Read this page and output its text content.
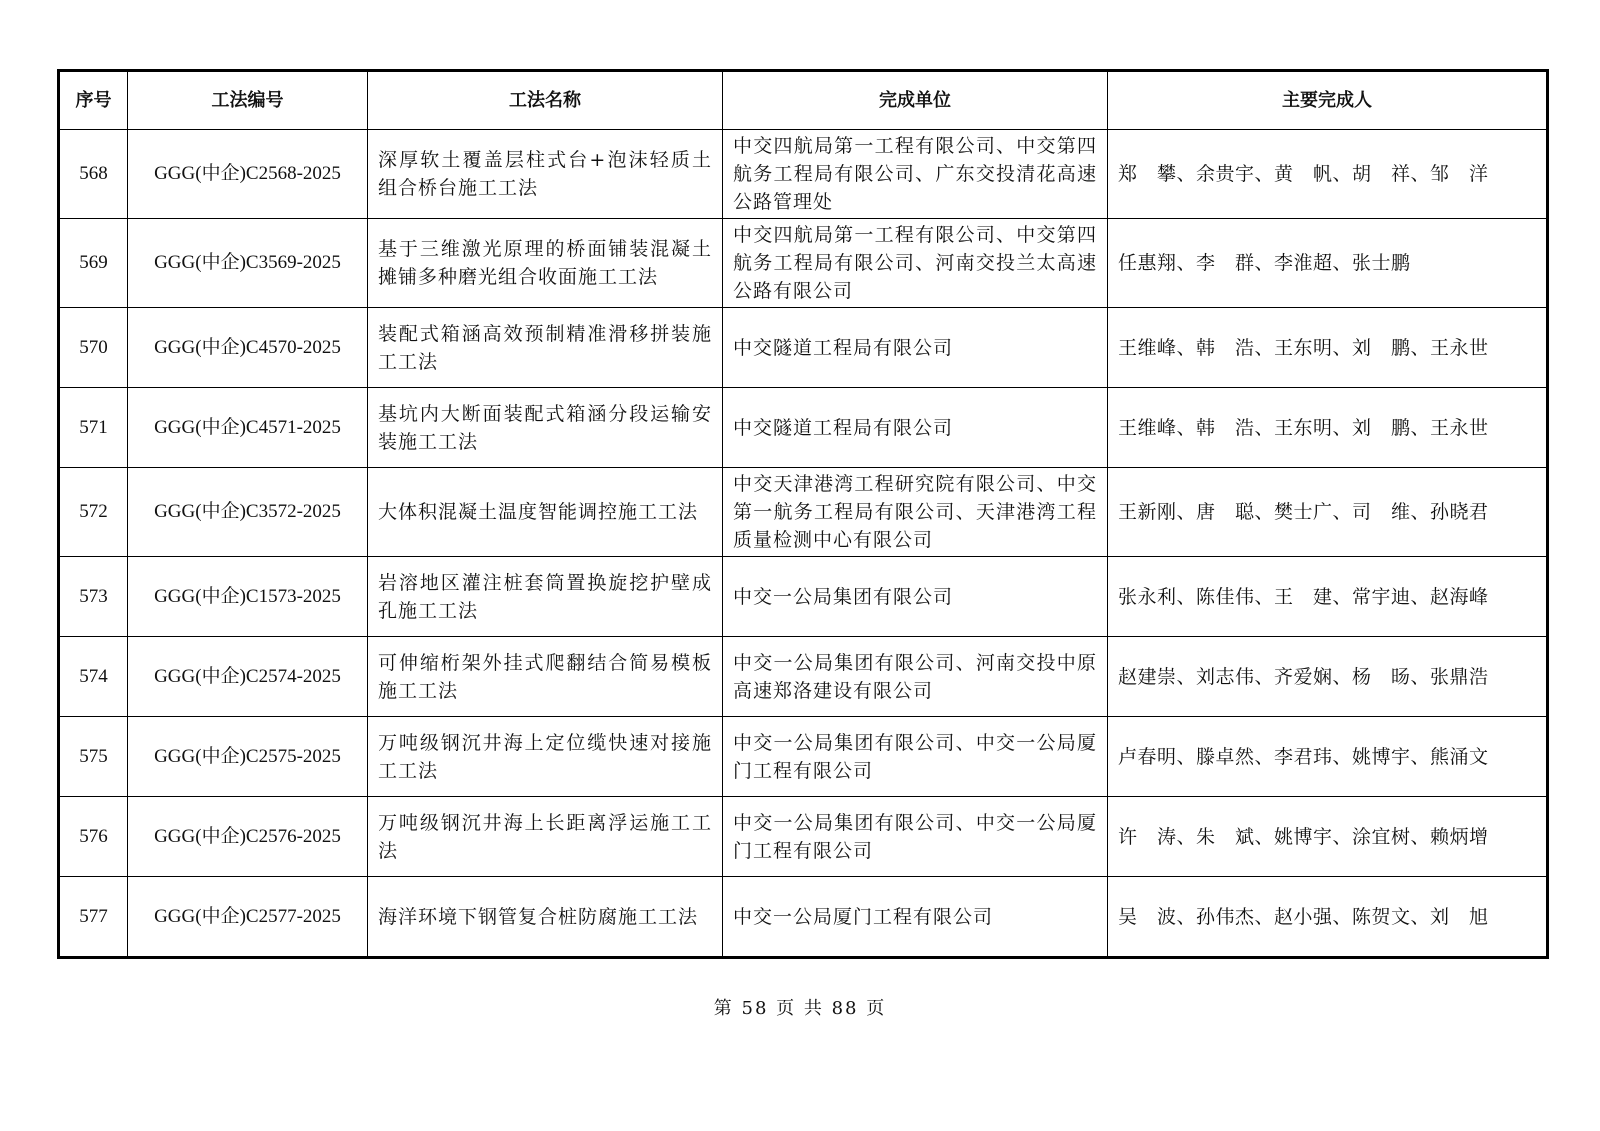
序号	工法编号	工法名称	完成单位	主要完成人
568	GGG(中企)C2568-2025	深厚软土覆盖层柱式台+泡沫轻质土组合桥台施工工法	中交四航局第一工程有限公司、中交第四航务工程局有限公司、广东交投清花高速公路管理处	郑　攀、余贵宇、黄　帆、胡　祥、邹　洋
569	GGG(中企)C3569-2025	基于三维激光原理的桥面铺装混凝土摊铺多种磨光组合收面施工工法	中交四航局第一工程有限公司、中交第四航务工程局有限公司、河南交投兰太高速公路有限公司	任惠翔、李　群、李淮超、张士鹏
570	GGG(中企)C4570-2025	装配式箱涵高效预制精准滑移拼装施工工法	中交隧道工程局有限公司	王维峰、韩　浩、王东明、刘　鹏、王永世
571	GGG(中企)C4571-2025	基坑内大断面装配式箱涵分段运输安装施工工法	中交隧道工程局有限公司	王维峰、韩　浩、王东明、刘　鹏、王永世
572	GGG(中企)C3572-2025	大体积混凝土温度智能调控施工工法	中交天津港湾工程研究院有限公司、中交第一航务工程局有限公司、天津港湾工程质量检测中心有限公司	王新刚、唐　聪、樊士广、司　维、孙晓君
573	GGG(中企)C1573-2025	岩溶地区灌注桩套筒置换旋挖护壁成孔施工工法	中交一公局集团有限公司	张永利、陈佳伟、王　建、常宇迪、赵海峰
574	GGG(中企)C2574-2025	可伸缩桁架外挂式爬翻结合简易模板施工工法	中交一公局集团有限公司、河南交投中原高速郑洛建设有限公司	赵建崇、刘志伟、齐爱娴、杨　旸、张鼎浩
575	GGG(中企)C2575-2025	万吨级钢沉井海上定位缆快速对接施工工法	中交一公局集团有限公司、中交一公局厦门工程有限公司	卢春明、滕卓然、李君玮、姚博宇、熊涌文
576	GGG(中企)C2576-2025	万吨级钢沉井海上长距离浮运施工工法	中交一公局集团有限公司、中交一公局厦门工程有限公司	许　涛、朱　斌、姚博宇、涂宜树、赖炳增
577	GGG(中企)C2577-2025	海洋环境下钢管复合桩防腐施工工法	中交一公局厦门工程有限公司	吴　波、孙伟杰、赵小强、陈贺文、刘　旭
第 58 页 共 88 页
